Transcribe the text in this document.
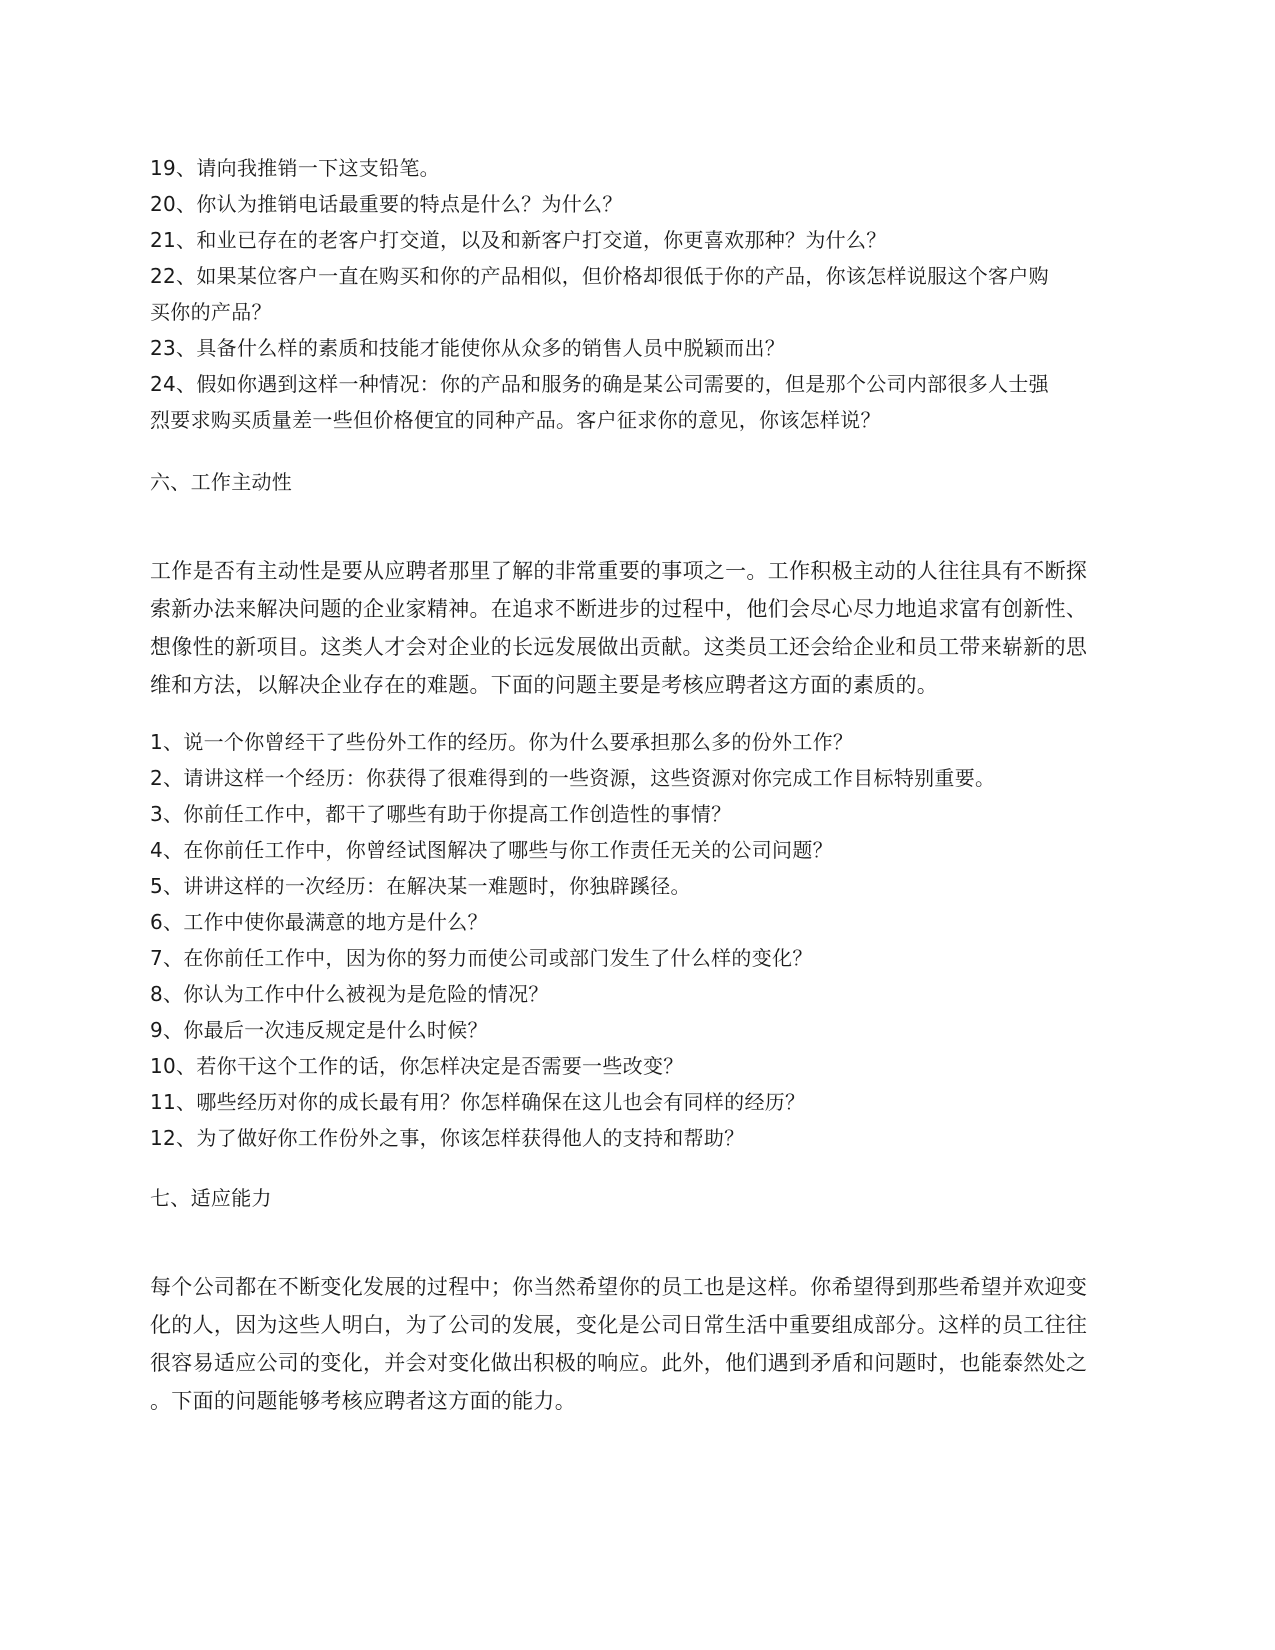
19、请向我推销一下这支铅笔。

20、你认为推销电话最重要的特点是什么？为什么？

21、和业已存在的老客户打交道，以及和新客户打交道，你更喜欢那种？为什么？

22、如果某位客户一直在购买和你的产品相似，但价格却很低于你的产品，你该怎样说服这个客户购

买你的产品？

23、具备什么样的素质和技能才能使你从众多的销售人员中脱颖而出？

24、假如你遇到这样一种情况：你的产品和服务的确是某公司需要的，但是那个公司内部很多人士强

烈要求购买质量差一些但价格便宜的同种产品。客户征求你的意见，你该怎样说？

六、工作主动性

工作是否有主动性是要从应聘者那里了解的非常重要的事项之一。工作积极主动的人往往具有不断探

索新办法来解决问题的企业家精神。在追求不断进步的过程中，他们会尽心尽力地追求富有创新性、

想像性的新项目。这类人才会对企业的长远发展做出贡献。这类员工还会给企业和员工带来崭新的思

维和方法，以解决企业存在的难题。下面的问题主要是考核应聘者这方面的素质的。

1、说一个你曾经干了些份外工作的经历。你为什么要承担那么多的份外工作？

2、请讲这样一个经历：你获得了很难得到的一些资源，这些资源对你完成工作目标特别重要。

3、你前任工作中，都干了哪些有助于你提高工作创造性的事情？

4、在你前任工作中，你曾经试图解决了哪些与你工作责任无关的公司问题？

5、讲讲这样的一次经历：在解决某一难题时，你独辟蹊径。

6、工作中使你最满意的地方是什么？

7、在你前任工作中，因为你的努力而使公司或部门发生了什么样的变化？

8、你认为工作中什么被视为是危险的情况？

9、你最后一次违反规定是什么时候？

10、若你干这个工作的话，你怎样决定是否需要一些改变？

11、哪些经历对你的成长最有用？你怎样确保在这儿也会有同样的经历？

12、为了做好你工作份外之事，你该怎样获得他人的支持和帮助？

七、适应能力

每个公司都在不断变化发展的过程中；你当然希望你的员工也是这样。你希望得到那些希望并欢迎变

化的人，因为这些人明白，为了公司的发展，变化是公司日常生活中重要组成部分。这样的员工往往

很容易适应公司的变化，并会对变化做出积极的响应。此外，他们遇到矛盾和问题时，也能泰然处之

。下面的问题能够考核应聘者这方面的能力。
